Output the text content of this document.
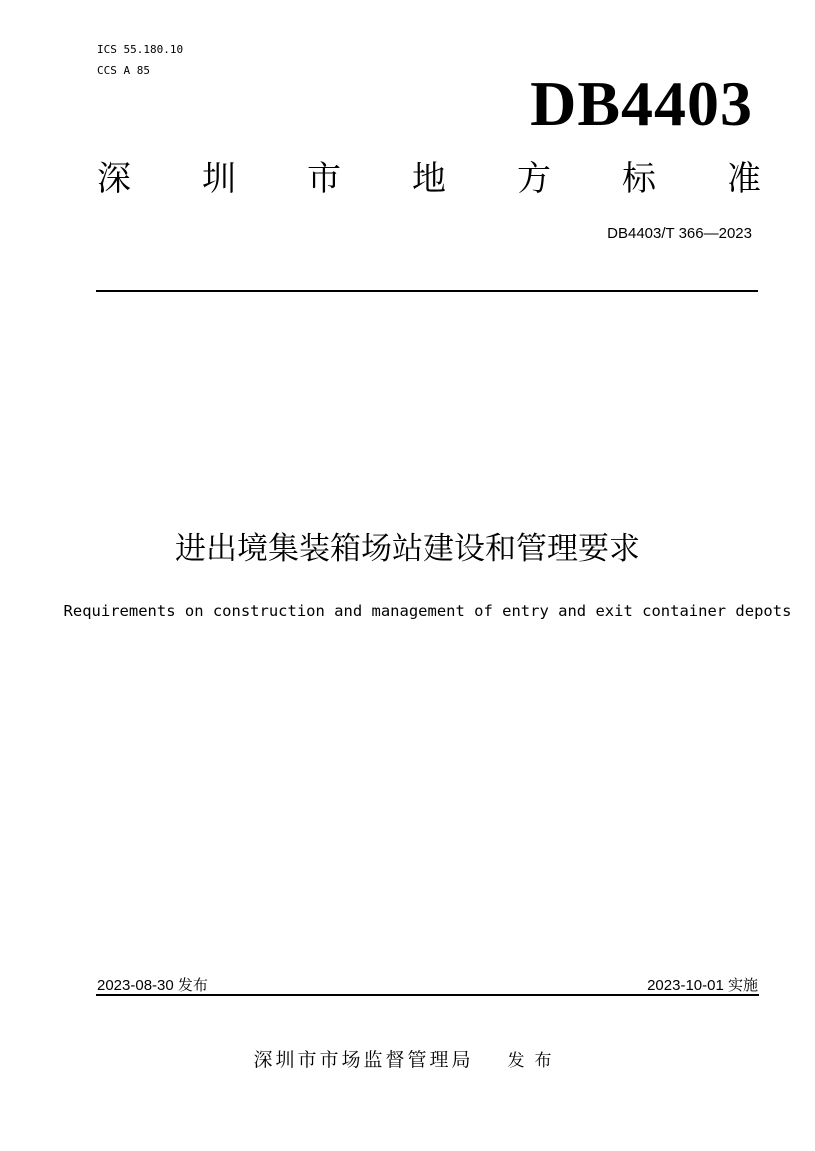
ICS 55.180.10
CCS A 85	DB4403
深 圳 市 地 方 标 准
DB4403/T 366—2023
进出境集装箱场站建设和管理要求
Requirements on construction and management of entry and exit container depots
2023-08-30 发布	2023-10-01 实施
深圳市市场监督管理局 发布
